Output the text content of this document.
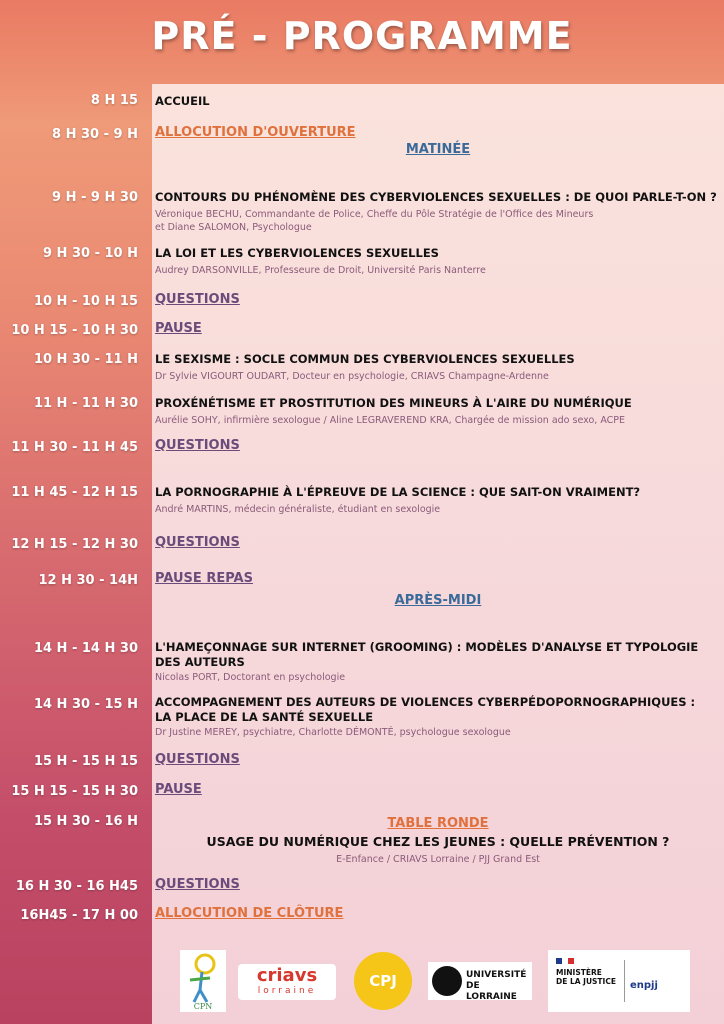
PRÉ - PROGRAMME
8 H 15 ACCUEIL
8 H 30 - 9 H ALLOCUTION D'OUVERTURE
MATINÉE
9 H - 9 H 30 CONTOURS DU PHÉNOMÈNE DES CYBERVIOLENCES SEXUELLES : DE QUOI PARLE-T-ON ?
Véronique BECHU, Commandante de Police, Cheffe du Pôle Stratégie de l'Office des Mineurs
et Diane SALOMON, Psychologue
9 H 30 - 10 H LA LOI ET LES CYBERVIOLENCES SEXUELLES
Audrey DARSONVILLE, Professeure de Droit, Université Paris Nanterre
10 H - 10 H 15 QUESTIONS
10 H 15 - 10 H 30 PAUSE
10 H 30 - 11 H LE SEXISME : SOCLE COMMUN DES CYBERVIOLENCES SEXUELLES
Dr Sylvie VIGOURT OUDART, Docteur en psychologie, CRIAVS Champagne-Ardenne
11 H - 11 H 30 PROXÉNÉTISME ET PROSTITUTION DES MINEURS À L'AIRE DU NUMÉRIQUE
Aurélie SOHY, infirmière sexologue / Aline LEGRAVEREND KRA, Chargée de mission ado sexo, ACPE
11 H 30 - 11 H 45 QUESTIONS
11 H 45 - 12 H 15 LA PORNOGRAPHIE À L'ÉPREUVE DE LA SCIENCE : QUE SAIT-ON VRAIMENT?
André MARTINS, médecin généraliste, étudiant en sexologie
12 H 15 - 12 H 30 QUESTIONS
12 H 30 - 14H PAUSE REPAS
APRÈS-MIDI
14 H - 14 H 30 L'HAMEÇONNAGE SUR INTERNET (GROOMING) : MODÈLES D'ANALYSE ET TYPOLOGIE
DES AUTEURS
Nicolas PORT, Doctorant en psychologie
14 H 30 - 15 H ACCOMPAGNEMENT DES AUTEURS DE VIOLENCES CYBERPÉDOPORNOGRAPHIQUES :
LA PLACE DE LA SANTÉ SEXUELLE
Dr Justine MEREY, psychiatre, Charlotte DÉMONTÉ, psychologue sexologue
15 H - 15 H 15 QUESTIONS
15 H 15 - 15 H 30 PAUSE
15 H 30 - 16 H	TABLE RONDE
USAGE DU NUMÉRIQUE CHEZ LES JEUNES : QUELLE PRÉVENTION ?
E-Enfance / CRIAVS Lorraine / PJJ Grand Est
16 H 30 - 16 H45 QUESTIONS
16H45 - 17 H 00 ALLOCUTION DE CLÔTURE
CPN
criavs
lorraine
CPJ	UNIVERSITÉ
DE LORRAINE
MINISTÈRE
DE LA JUSTICE enpjj
